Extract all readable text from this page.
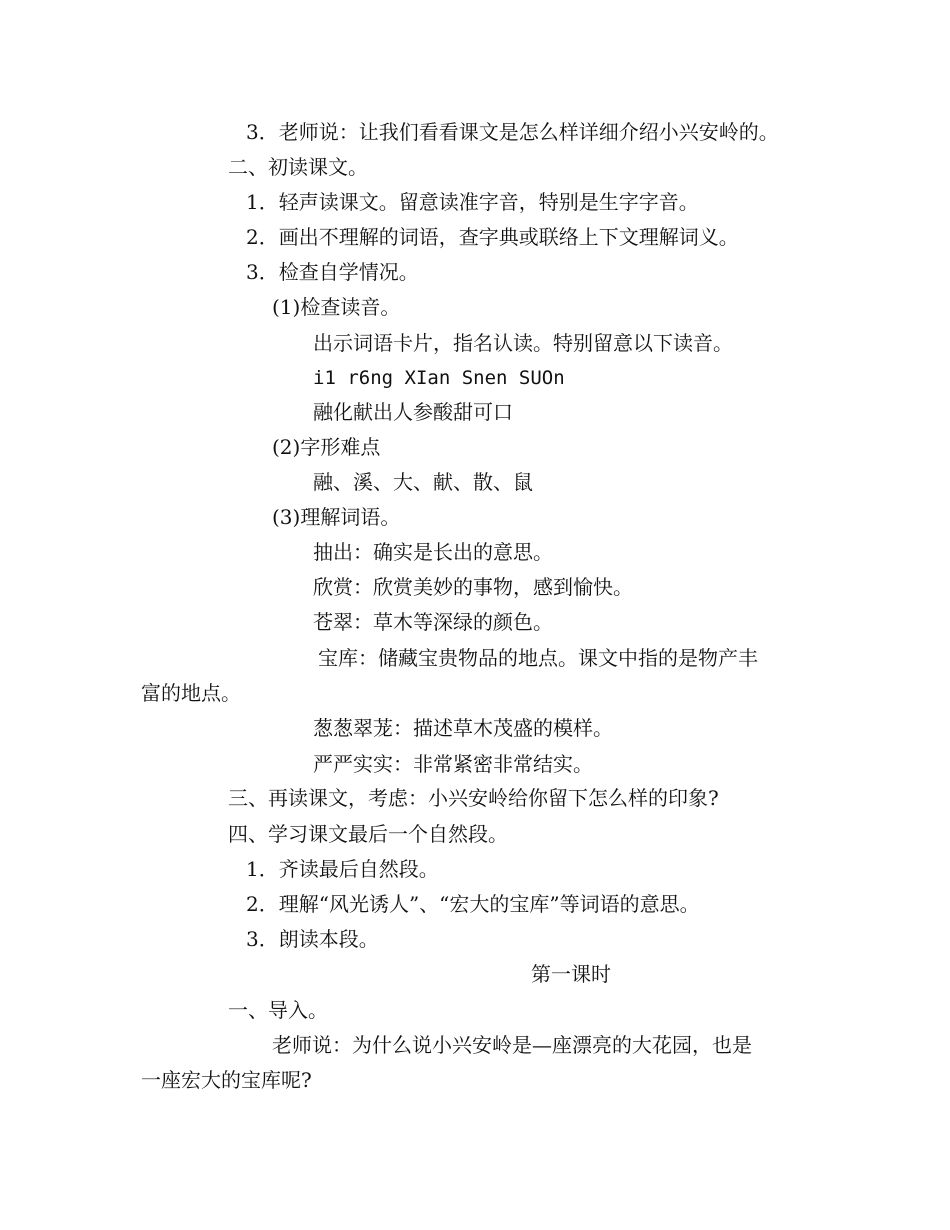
3．老师说：让我们看看课文是怎么样详细介绍小兴安岭的。
二、初读课文。
1．轻声读课文。留意读准字音，特别是生字字音。
2．画出不理解的词语，查字典或联络上下文理解词义。
3．检查自学情况。
(1)检查读音。
出示词语卡片，指名认读。特别留意以下读音。
i1 r6ng XIan Snen SUOn
融化献出人参酸甜可口
(2)字形难点
融、溪、大、献、散、鼠
(3)理解词语。
抽出：确实是长出的意思。
欣赏：欣赏美妙的事物，感到愉快。
苍翠：草木等深绿的颜色。
宝库：储藏宝贵物品的地点。课文中指的是物产丰
富的地点。
葱葱翠茏：描述草木茂盛的模样。
严严实实：非常紧密非常结实。
三、再读课文，考虑：小兴安岭给你留下怎么样的印象?
四、学习课文最后一个自然段。
1．齐读最后自然段。
2．理解“风光诱人”、“宏大的宝库”等词语的意思。
3．朗读本段。
第一课时
一、导入。
老师说：为什么说小兴安岭是—座漂亮的大花园，也是
一座宏大的宝库呢?
